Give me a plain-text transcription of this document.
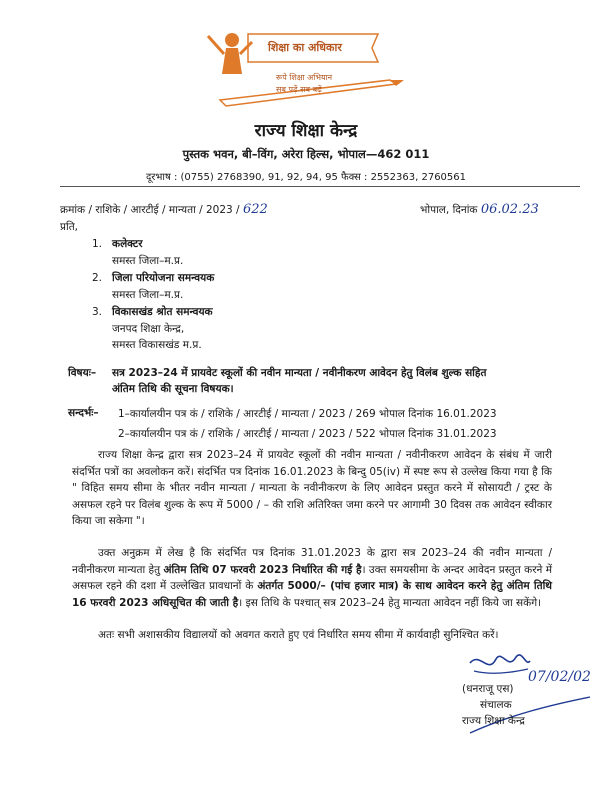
शिक्षा का अधिकार
रूपे शिक्षा अभियान
सब पढ़ें सब बढ़ें
राज्य शिक्षा केन्द्र
पुस्तक भवन, बी–विंग, अरेरा हिल्स, भोपाल—462 011
दूरभाष : (0755) 2768390, 91, 92, 94, 95 फैक्स : 2552363, 2760561
क्रमांक / राशिके / आरटीई / मान्यता / 2023 / 622	भोपाल, दिनांक 06.02.23
प्रति,
1. कलेक्टर
समस्त जिला–म.प्र.
2. जिला परियोजना समन्वयक
समस्त जिला–म.प्र.
3. विकासखंड श्रोत समन्वयक
जनपद शिक्षा केन्द्र,
समस्त विकासखंड म.प्र.
विषयः– सत्र 2023–24 में प्रायवेट स्कूलों की नवीन मान्यता / नवीनीकरण आवेदन हेतु विलंब शुल्क सहित
अंतिम तिथि की सूचना विषयक।
सन्दर्भः– 1–कार्यालयीन पत्र कं / राशिके / आरटीई / मान्यता / 2023 / 269 भोपाल दिनांक 16.01.2023
2–कार्यालयीन पत्र कं / राशिके / आरटीई / मान्यता / 2023 / 522 भोपाल दिनांक 31.01.2023
राज्य शिक्षा केन्द्र द्वारा सत्र 2023–24 में प्रायवेट स्कूलों की नवीन मान्यता / नवीनीकरण आवेदन के संबंध में जारी संदर्भित पत्रों का अवलोकन करें। संदर्भित पत्र दिनांक 16.01.2023 के बिन्दु 05(iv) में स्पष्ट रूप से उल्लेख किया गया है कि " विहित समय सीमा के भीतर नवीन मान्यता / मान्यता के नवीनीकरण के लिए आवेदन प्रस्तुत करने में सोसायटी / ट्रस्ट के असफल रहने पर विलंब शुल्क के रूप में 5000 / – की राशि अतिरिक्त जमा करने पर आगामी 30 दिवस तक आवेदन स्वीकार किया जा सकेगा "।
उक्त अनुक्रम में लेख है कि संदर्भित पत्र दिनांक 31.01.2023 के द्वारा सत्र 2023–24 की नवीन मान्यता / नवीनीकरण मान्यता हेतु अंतिम तिथि 07 फरवरी 2023 निर्धारित की गई है। उक्त समयसीमा के अन्दर आवेदन प्रस्तुत करने में असफल रहने की दशा में उल्लेखित प्रावधानों के अंतर्गत 5000/– (पांच हजार मात्र) के साथ आवेदन करने हेतु अंतिम तिथि 16 फरवरी 2023 अधिसूचित की जाती है। इस तिथि के पश्चात् सत्र 2023–24 हेतु मान्यता आवेदन नहीं किये जा सकेंगे।
अतः सभी अशासकीय विद्यालयों को अवगत कराते हुए एवं निर्धारित समय सीमा में कार्यवाही सुनिश्चित करें।
07/02/02
(धनराजू एस)
संचालक
राज्य शिक्षा केन्द्र
